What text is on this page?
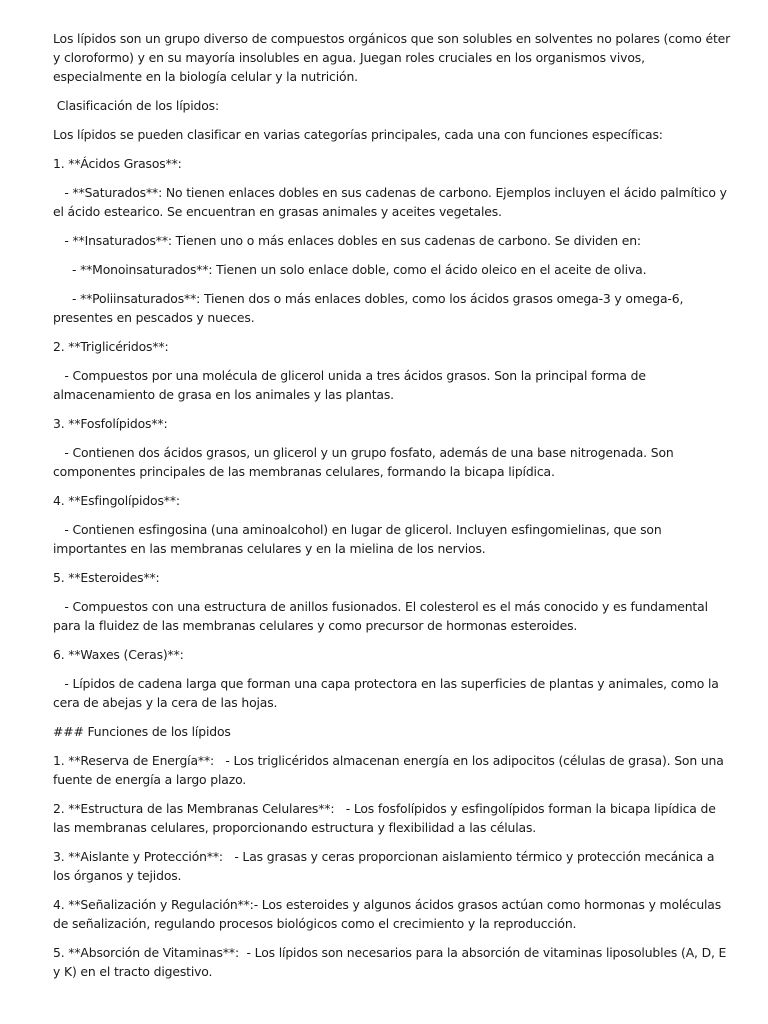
Los lípidos son un grupo diverso de compuestos orgánicos que son solubles en solventes no polares (como éter y cloroformo) y en su mayoría insolubles en agua. Juegan roles cruciales en los organismos vivos, especialmente en la biología celular y la nutrición.

Clasificación de los lípidos:

Los lípidos se pueden clasificar en varias categorías principales, cada una con funciones específicas:

1. **Ácidos Grasos**:

- **Saturados**: No tienen enlaces dobles en sus cadenas de carbono. Ejemplos incluyen el ácido palmítico y el ácido estearico. Se encuentran en grasas animales y aceites vegetales.

- **Insaturados**: Tienen uno o más enlaces dobles en sus cadenas de carbono. Se dividen en:

- **Monoinsaturados**: Tienen un solo enlace doble, como el ácido oleico en el aceite de oliva.

- **Poliinsaturados**: Tienen dos o más enlaces dobles, como los ácidos grasos omega-3 y omega-6, presentes en pescados y nueces.

2. **Triglicéridos**:

- Compuestos por una molécula de glicerol unida a tres ácidos grasos. Son la principal forma de almacenamiento de grasa en los animales y las plantas.

3. **Fosfolípidos**:

- Contienen dos ácidos grasos, un glicerol y un grupo fosfato, además de una base nitrogenada. Son componentes principales de las membranas celulares, formando la bicapa lipídica.

4. **Esfingolípidos**:

- Contienen esfingosina (una aminoalcohol) en lugar de glicerol. Incluyen esfingomielinas, que son importantes en las membranas celulares y en la mielina de los nervios.

5. **Esteroides**:

- Compuestos con una estructura de anillos fusionados. El colesterol es el más conocido y es fundamental para la fluidez de las membranas celulares y como precursor de hormonas esteroides.

6. **Waxes (Ceras)**:

- Lípidos de cadena larga que forman una capa protectora en las superficies de plantas y animales, como la cera de abejas y la cera de las hojas.

### Funciones de los lípidos

1. **Reserva de Energía**:   - Los triglicéridos almacenan energía en los adipocitos (células de grasa). Son una fuente de energía a largo plazo.

2. **Estructura de las Membranas Celulares**:   - Los fosfolípidos y esfingolípidos forman la bicapa lipídica de las membranas celulares, proporcionando estructura y flexibilidad a las células.

3. **Aislante y Protección**:   - Las grasas y ceras proporcionan aislamiento térmico y protección mecánica a los órganos y tejidos.

4. **Señalización y Regulación**:- Los esteroides y algunos ácidos grasos actúan como hormonas y moléculas de señalización, regulando procesos biológicos como el crecimiento y la reproducción.

5. **Absorción de Vitaminas**:  - Los lípidos son necesarios para la absorción de vitaminas liposolubles (A, D, E y K) en el tracto digestivo.
